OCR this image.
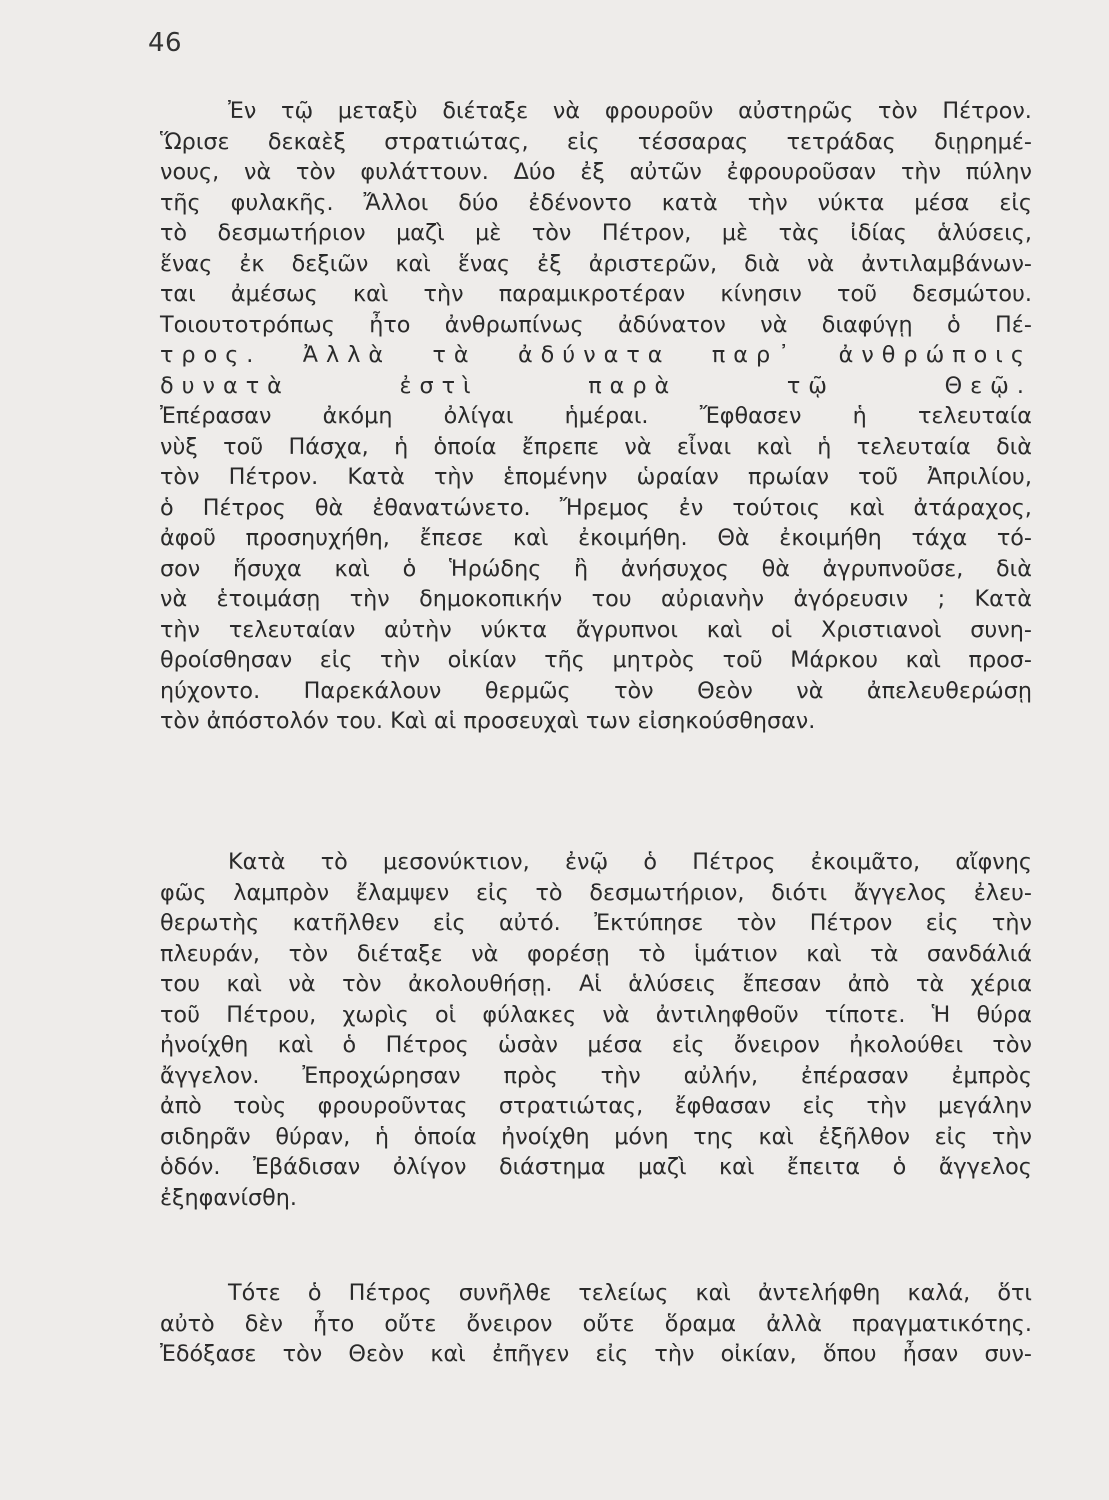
46
Ἐν τῷ μεταξὺ διέταξε νὰ φρουροῦν αὐστηρῶς τὸν Πέτρον.
Ὥρισε δεκαὲξ στρατιώτας, εἰς τέσσαρας τετράδας διῃρημέ-
νους, νὰ τὸν φυλάττουν. Δύο ἐξ αὐτῶν ἐφρουροῦσαν τὴν πύλην
τῆς φυλακῆς. Ἄλλοι δύο ἐδένοντο κατὰ τὴν νύκτα μέσα εἰς
τὸ δεσμωτήριον μαζὶ μὲ τὸν Πέτρον, μὲ τὰς ἰδίας ἁλύσεις,
ἕνας ἐκ δεξιῶν καὶ ἕνας ἐξ ἀριστερῶν, διὰ νὰ ἀντιλαμβάνων-
ται ἀμέσως καὶ τὴν παραμικροτέραν κίνησιν τοῦ δεσμώτου.
Τοιουτοτρόπως ἦτο ἀνθρωπίνως ἀδύνατον νὰ διαφύγῃ ὁ Πέ-
τρος. Ἀλλὰ τὰ ἀδύνατα παρ᾽ ἀνθρώποις
δυνατὰ	ἐστὶ	παρὰ	τῷ	Θεῷ.
Ἐπέρασαν ἀκόμη ὀλίγαι ἡμέραι. Ἔφθασεν ἡ τελευταία
νὺξ τοῦ Πάσχα, ἡ ὁποία ἔπρεπε νὰ εἶναι καὶ ἡ τελευταία διὰ
τὸν Πέτρον. Κατὰ τὴν ἑπομένην ὡραίαν πρωίαν τοῦ Ἀπριλίου,
ὁ Πέτρος θὰ ἐθανατώνετο. Ἤρεμος ἐν τούτοις καὶ ἀτάραχος,
ἀφοῦ προσηυχήθη, ἔπεσε καὶ ἐκοιμήθη. Θὰ ἐκοιμήθη τάχα τό-
σον ἥσυχα καὶ ὁ Ἡρώδης ἢ ἀνήσυχος θὰ ἀγρυπνοῦσε, διὰ
νὰ ἑτοιμάσῃ τὴν δημοκοπικήν του αὐριανὴν ἀγόρευσιν ; Κατὰ
τὴν τελευταίαν αὐτὴν νύκτα ἄγρυπνοι καὶ οἱ Χριστιανοὶ συνη-
θροίσθησαν εἰς τὴν οἰκίαν τῆς μητρὸς τοῦ Μάρκου καὶ προσ-
ηύχοντο. Παρεκάλουν θερμῶς τὸν Θεὸν νὰ ἀπελευθερώσῃ
τὸν ἀπόστολόν του. Καὶ αἱ προσευχαὶ των εἰσηκούσθησαν.
Κατὰ τὸ μεσονύκτιον, ἐνῷ ὁ Πέτρος ἐκοιμᾶτο, αἴφνης
φῶς λαμπρὸν ἔλαμψεν εἰς τὸ δεσμωτήριον, διότι ἄγγελος ἐλευ-
θερωτὴς κατῆλθεν εἰς αὐτό. Ἐκτύπησε τὸν Πέτρον εἰς τὴν
πλευράν, τὸν διέταξε νὰ φορέσῃ τὸ ἱμάτιον καὶ τὰ σανδάλιά
του καὶ νὰ τὸν ἀκολουθήσῃ. Αἱ ἁλύσεις ἔπεσαν ἀπὸ τὰ χέρια
τοῦ Πέτρου, χωρὶς οἱ φύλακες νὰ ἀντιληφθοῦν τίποτε. Ἡ θύρα
ἠνοίχθη καὶ ὁ Πέτρος ὡσὰν μέσα εἰς ὄνειρον ἠκολούθει τὸν
ἄγγελον. Ἐπροχώρησαν πρὸς τὴν αὐλήν, ἐπέρασαν ἐμπρὸς
ἀπὸ τοὺς φρουροῦντας στρατιώτας, ἔφθασαν εἰς τὴν μεγάλην
σιδηρᾶν θύραν, ἡ ὁποία ἠνοίχθη μόνη της καὶ ἐξῆλθον εἰς τὴν
ὁδόν. Ἐβάδισαν ὀλίγον διάστημα μαζὶ καὶ ἔπειτα ὁ ἄγγελος
ἐξηφανίσθη.
Τότε ὁ Πέτρος συνῆλθε τελείως καὶ ἀντελήφθη καλά, ὅτι
αὐτὸ δὲν ἦτο οὔτε ὄνειρον οὔτε ὅραμα ἀλλὰ πραγματικότης.
Ἐδόξασε τὸν Θεὸν καὶ ἐπῆγεν εἰς τὴν οἰκίαν, ὅπου ἦσαν συν-
